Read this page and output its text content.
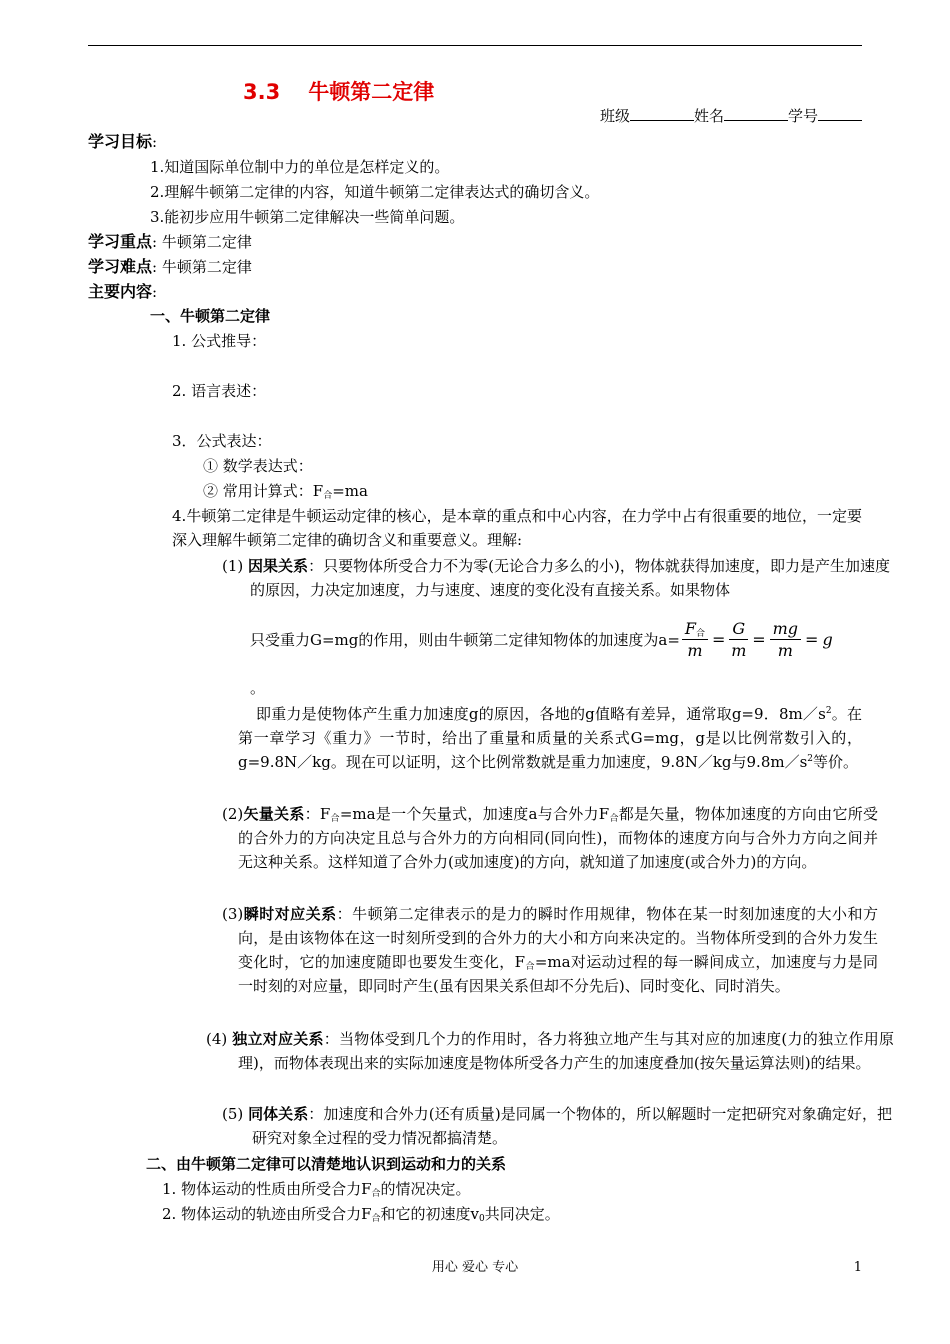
3.3 牛顿第二定律
班级	姓名	学号
学习目标:
1.知道国际单位制中力的单位是怎样定义的。
2.理解牛顿第二定律的内容，知道牛顿第二定律表达式的确切含义。
3.能初步应用牛顿第二定律解决一些简单问题。
学习重点: 牛顿第二定律
学习难点: 牛顿第二定律
主要内容:
一、牛顿第二定律
1. 公式推导：
2. 语言表述：
3．公式表达：
① 数学表达式：
② 常用计算式：$F_合=ma$
4.牛顿第二定律是牛顿运动定律的核心，是本章的重点和中心内容，在力学中占有很重要的地位，一定要深入理解牛顿第二定律的确切含义和重要意义。理解:
(1) 因果关系：只要物体所受合力不为零(无论合力多么的小)，物体就获得加速度，即力是产生加速度的原因，力决定加速度，力与速度、速度的变化没有直接关系。如果物体
只受重力G=mg的作用，则由牛顿第二定律知物体的加速度为$a= \frac{F_合}{m} = \frac{G}{m} = \frac{mg}{m} = g$
。
即重力是使物体产生重力加速度g的原因，各地的g值略有差异，通常取g=9．$8m/s^2$。在第一章学习《重力》一节时，给出了重量和质量的关系式G=mg，g是以比例常数引入的，g=9.8N／kg。现在可以证明，这个比例常数就是重力加速度，9.8N／kg与$9.8m/s^2$等价。
(2)矢量关系：$F_合=ma$是一个矢量式，加速度a与合外力$F_合$都是矢量，物体加速度的方向由它所受的合外力的方向决定且总与合外力的方向相同(同向性)，而物体的速度方向与合外力方向之间并无这种关系。这样知道了合外力(或加速度)的方向，就知道了加速度(或合外力)的方向。
(3)瞬时对应关系：牛顿第二定律表示的是力的瞬时作用规律，物体在某一时刻加速度的大小和方向，是由该物体在这一时刻所受到的合外力的大小和方向来决定的。当物体所受到的合外力发生变化时，它的加速度随即也要发生变化，$F_合=ma$对运动过程的每一瞬间成立，加速度与力是同一时刻的对应量，即同时产生(虽有因果关系但却不分先后)、同时变化、同时消失。
(4) 独立对应关系：当物体受到几个力的作用时，各力将独立地产生与其对应的加速度(力的独立作用原理)，而物体表现出来的实际加速度是物体所受各力产生的加速度叠加(按矢量运算法则)的结果。
(5) 同体关系：加速度和合外力(还有质量)是同属一个物体的，所以解题时一定把研究对象确定好，把研究对象全过程的受力情况都搞清楚。
二、由牛顿第二定律可以清楚地认识到运动和力的关系
1. 物体运动的性质由所受合力$F_合$的情况决定。
2. 物体运动的轨迹由所受合力$F_合$和它的初速度$v_0$共同决定。
用心 爱心 专心	1
